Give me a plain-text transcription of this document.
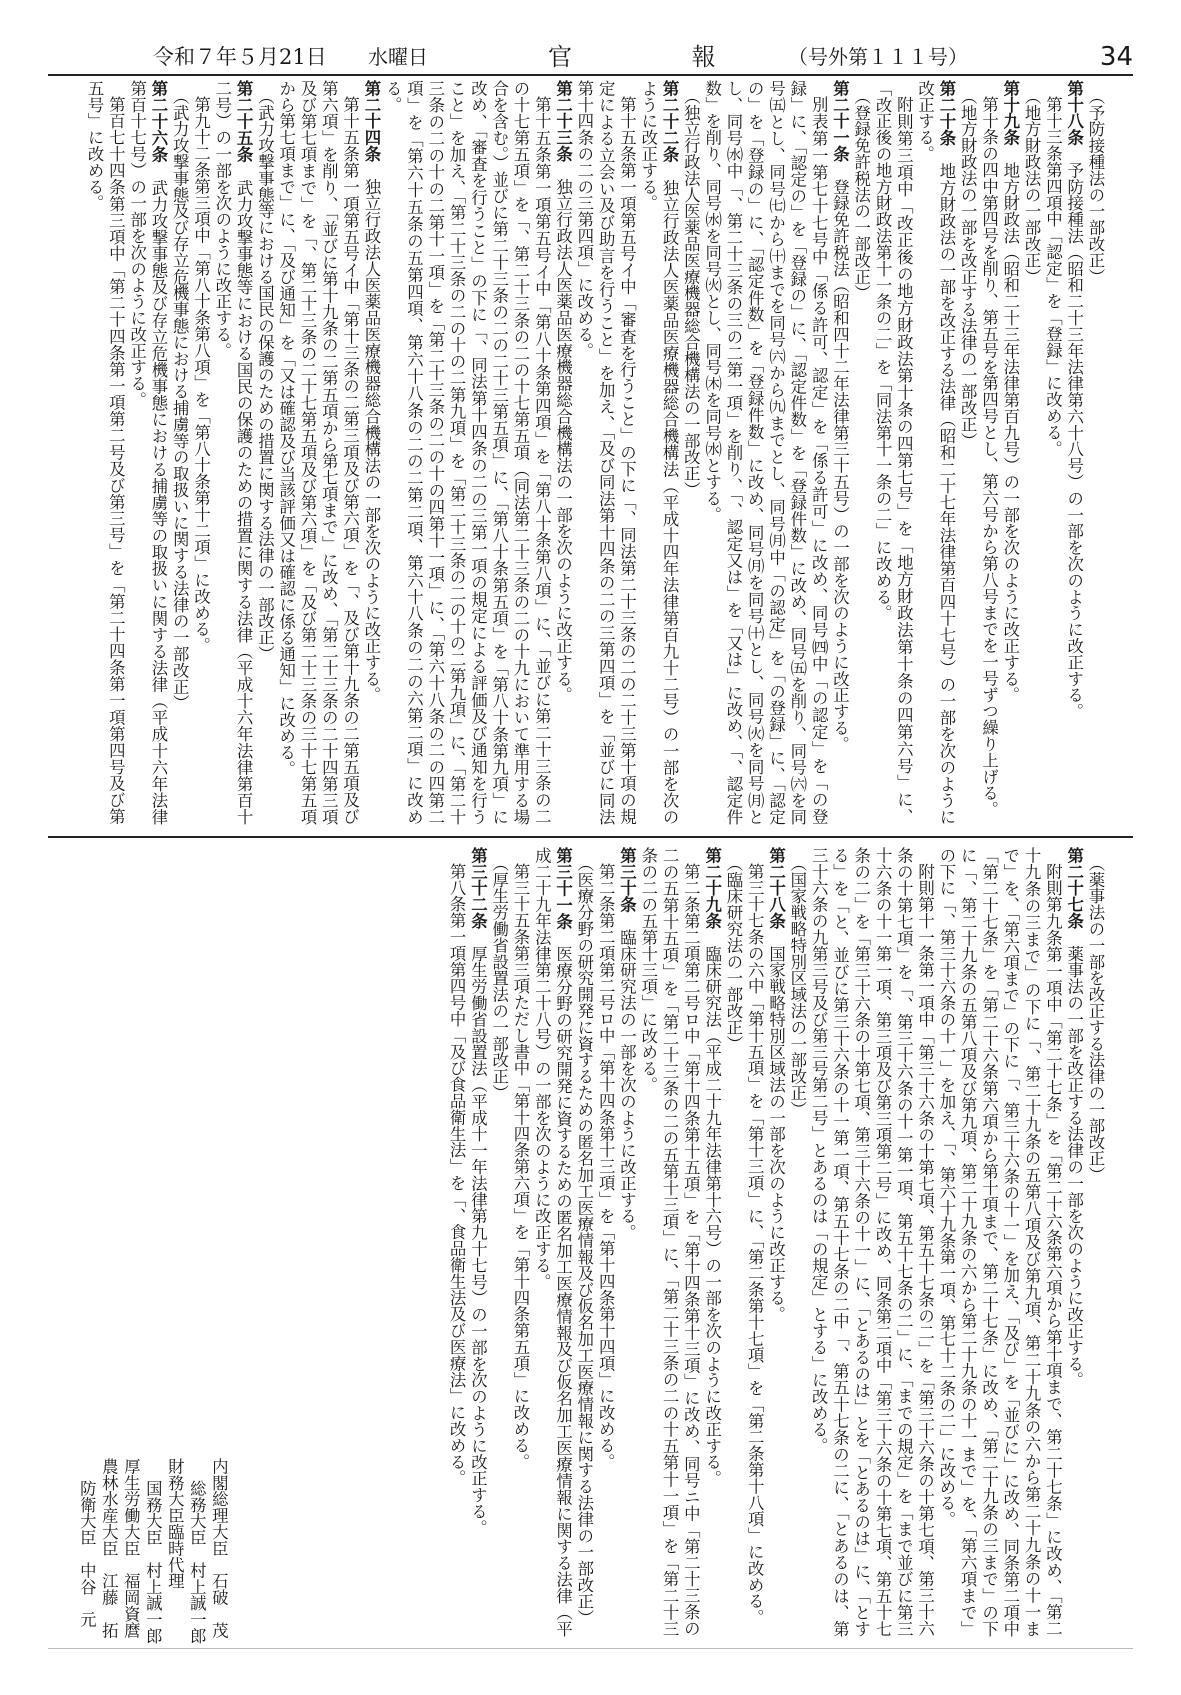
令和７年５月21日 水曜日	官 報 （号外第１１１号）	34

（予防接種法の一部改正）

第十八条　予防接種法（昭和二十三年法律第六十八号）の一部を次のように改正する。

第十三条第四項中「認定」を「登録」に改める。

（地方財政法の一部改正）

第十九条　地方財政法（昭和二十三年法律第百九号）の一部を次のように改正する。

第十条の四中第四号を削り、第五号を第四号とし、第六号から第八号までを一号ずつ繰り上げる。

（地方財政法の一部を改正する法律の一部改正）

第二十条　地方財政法の一部を改正する法律（昭和二十七年法律第百四十七号）の一部を次のように改正する。

附則第三項中「改正後の地方財政法第十条の四第七号」を「地方財政法第十条の四第六号」に、「改正後の地方財政法第十一条の二」を「同法第十一条の二」に改める。

（登録免許税法の一部改正）

第二十一条　登録免許税法（昭和四十二年法律第三十五号）の一部を次のように改正する。

別表第一第七十七号中「係る許可、認定」を「係る許可」に改め、同号㈣中「の認定」を「の登録」に、「認定の」を「登録の」に、「認定件数」を「登録件数」に改め、同号㈤を削り、同号㈥を同号㈤とし、同号㈦から㈩までを同号㈥から㈨までとし、同号㈪中「の認定」を「の登録」に、「認定の」を「登録の」に、「認定件数」を「登録件数」に改め、同号㈪を同号㈩とし、同号㈫を同号㈪とし、同号㈬中「、第二十三条の三の二第一項」を削り、「、認定又は」を「又は」に改め、「、認定件数」を削り、同号㈬を同号㈫とし、同号㈭を同号㈬とする。

（独立行政法人医薬品医療機器総合機構法の一部改正）

第二十二条　独立行政法人医薬品医療機器総合機構法（平成十四年法律第百九十二号）の一部を次のように改正する。

第十五条第一項第五号イ中「審査を行うこと」の下に「、同法第二十三条の二の二十三第十項の規定による立会い及び助言を行うこと」を加え、「及び同法第十四条の二の三第四項」を「並びに同法第十四条の二の三第四項」に改める。

第二十三条　独立行政法人医薬品医療機器総合機構法の一部を次のように改正する。

第十五条第一項第五号イ中「第八十条第四項」を「第八十条第八項」に、「並びに第二十三条の二の十七第五項」を「、第二十三条の二の十七第五項（同法第二十三条の二の十九において準用する場合を含む。）並びに第二十三条の二の二十三第五項」に、「第八十条第五項」を「第八十条第九項」に改め、「審査を行うこと」の下に「、同法第十四条の二の三第一項の規定による評価及び通知を行うこと」を加え、「第二十三条の二の十の二第九項」を「第二十三条の二の十の二第九項」に、「第二十三条の二の十の二第十一項」を「第二十三条の二の十の四第十一項」に、「第六十八条の二の四第二項」を「第六十五条の五第四項、第六十八条の二の二第二項、第六十八条の二の六第二項」に改める。

第二十四条　独立行政法人医薬品医療機器総合機構法の一部を次のように改正する。

第十五条第一項第五号イ中「第十三条の二第三項及び第六項」を「、及び第十九条の二第五項及び第六項」を削り、「並びに第十九条の二第五項から第七項まで」に改め、「第二十三条の二十四第三項及び第七項まで」を「、第二十三条の二十七第五項及び第六項」を「及び第二十三条の三十七第五項から第七項まで」に、「及び通知」を「又は確認及び当該評価又は確認に係る通知」に改める。

（武力攻撃事態等における国民の保護のための措置に関する法律の一部改正）

第二十五条　武力攻撃事態等における国民の保護のための措置に関する法律（平成十六年法律第百十二号）の一部を次のように改正する。

第九十二条第三項中「第八十条第八項」を「第八十条第十二項」に改める。

（武力攻撃事態及び存立危機事態における捕虜等の取扱いに関する法律の一部改正）

第二十六条　武力攻撃事態及び存立危機事態における捕虜等の取扱いに関する法律（平成十六年法律第百十七号）の一部を次のように改正する。

第百七十四条第三項中「第二十四条第一項第二号及び第三号」を「第二十四条第一項第四号及び第五号」に改める。

（薬事法の一部を改正する法律の一部改正）

第二十七条　薬事法の一部を改正する法律の一部を次のように改正する。

附則第九条第一項中「第二十七条」を「第二十六条第六項から第十項まで、第二十七条」に改め、「第二十九条の三まで」の下に「、第二十九条の五第八項及び第九項、第二十九条の六から第二十九条の十一まで」を、「第六項まで」の下に「、第三十六条の十一」を加え、「及び」を「並びに」に改め、同条第二項中「第二十七条」を「第二十六条第六項から第十項まで、第二十七条」に改め、「第二十九条の三まで」の下に「、第二十九条の五第八項及び第九項、第二十九条の六から第二十九条の十一まで」を、「第六項まで」の下に「、第三十六条の十一」を加え、「、第六十九条第一項、第七十二条の二」に改める。

附則第十一条第一項中「第三十六条の十第七項、第五十七条の二」を「第三十六条の十第七項、第三十六条の十第七項」を「、第三十六条の十一第一項、第五十七条の二」に、「までの規定」を「まで並びに第三十六条の十一第一項、第三項及び第三項第二号」に改め、同条第二項中「第三十六条の十第七項、第五十七条の二」を「第三十六条の十第七項、第三十六条の十一」に、「とあるのは」とを「とあるのは」に、「とする」を「と、並びに第三十六条の十一第一項、第五十七条の二中「、第五十七条の二に、「とあるのは、第三十六条の九第三号及び第三号第二号」とあるのは「の規定」とする」に改める。

（国家戦略特別区域法の一部改正）

第二十八条　国家戦略特別区域法の一部を次のように改正する。

第三十七条の六中「第十五項」を「第十三項」に、「第二条第十七項」を「第二条第十八項」に改める。

（臨床研究法の一部改正）

第二十九条　臨床研究法（平成二十九年法律第十六号）の一部を次のように改正する。

第二条第二項第二号ロ中「第十四条第十五項」を「第十四条第十三項」に改め、同号ニ中「第二十三条の二の五第十五項」を「第二十三条の二の五第十三項」に、「第二十三条の二の十五第十一項」を「第二十三条の二の五第十三項」に改める。

第三十条　臨床研究法の一部を次のように改正する。

第二条第二項第二号ロ中「第十四条第十三項」を「第十四条第十四項」に改める。

（医療分野の研究開発に資するための匿名加工医療情報及び仮名加工医療情報に関する法律の一部改正）

第三十一条　医療分野の研究開発に資するための匿名加工医療情報及び仮名加工医療情報に関する法律（平成二十九年法律第二十八号）の一部を次のように改正する。

第三十五条第三項ただし書中「第十四条第六項」を「第十四条第五項」に改める。

（厚生労働省設置法の一部改正）

第三十二条　厚生労働省設置法（平成十一年法律第九十七号）の一部を次のように改正する。

第八条第一項第四号中「及び食品衛生法」を「、食品衛生法及び医療法」に改める。

内閣総理大臣　石破　茂
総務大臣　村上誠一郎
財務大臣臨時代理
国務大臣　村上誠一郎
厚生労働大臣　福岡資麿
農林水産大臣　江藤　拓
防衛大臣　中谷　元
